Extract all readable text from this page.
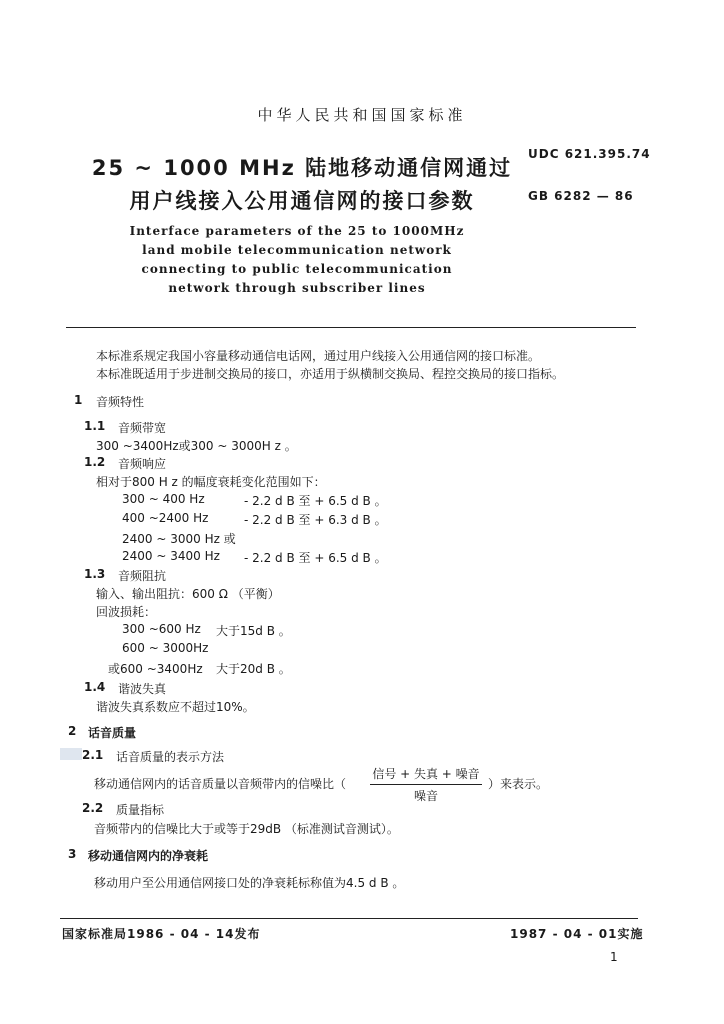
中华人民共和国国家标准
25 ~ 1000 MHz 陆地移动通信网通过
用户线接入公用通信网的接口参数
UDC 621.395.74
GB 6282 — 86
Interface parameters of the 25 to 1000MHz
land mobile telecommunication network
connecting to public telecommunication
network through subscriber lines
本标准系规定我国小容量移动通信电话网，通过用户线接入公用通信网的接口标准。
本标准既适用于步进制交换局的接口，亦适用于纵横制交换局、程控交换局的接口指标。
1 音频特性
1.1 音频带宽
300 ~3400Hz或300 ~ 3000H z 。
1.2 音频响应
相对于800 H z 的幅度衰耗变化范围如下：
300 ~ 400 Hz	- 2.2 d B 至 + 6.5 d B 。
400 ~2400 Hz	- 2.2 d B 至 + 6.3 d B 。
2400 ~ 3000 Hz 或
2400 ~ 3400 Hz - 2.2 d B 至 + 6.5 d B 。
1.3 音频阻抗
输入、输出阻抗：600 Ω （平衡）
回波损耗：
300 ~600 Hz 大于15d B 。
600 ~ 3000Hz
或600 ~3400Hz 大于20d B 。
1.4 谐波失真
谐波失真系数应不超过10%。
2 话音质量
2.1 话音质量的表示方法
移动通信网内的话音质量以音频带内的信噪比（
信号 + 失真 + 噪音
噪音
）来表示。
2.2 质量指标
音频带内的信噪比大于或等于29dB （标准测试音测试）。
3 移动通信网内的净衰耗
移动用户至公用通信网接口处的净衰耗标称值为4.5 d B 。
国家标准局1986 - 04 - 14发布	1987 - 04 - 01实施
1
